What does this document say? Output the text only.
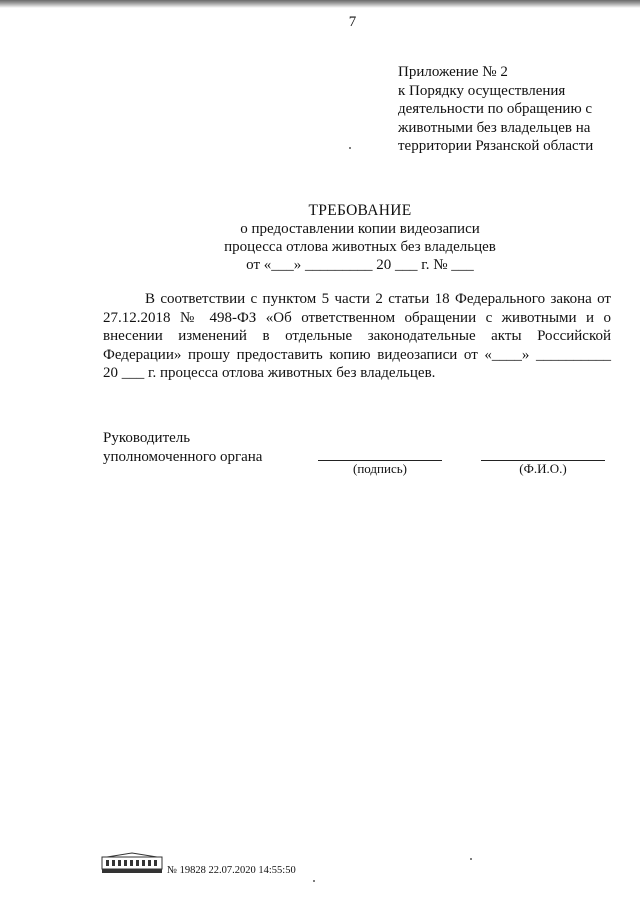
7
Приложение № 2
к Порядку осуществления
деятельности по обращению с
животными без владельцев на
территории Рязанской области
ТРЕБОВАНИЕ
о предоставлении копии видеозаписи
процесса отлова животных без владельцев
от «___» _________ 20 ___ г. № ___
В соответствии с пунктом 5 части 2 статьи 18 Федерального закона от
27.12.2018 № 498-ФЗ «Об ответственном обращении с животными и о
внесении изменений в отдельные законодательные акты Российской
Федерации» прошу предоставить копию видеозаписи от «____» __________
20 ___ г. процесса отлова животных без владельцев.
Руководитель
уполномоченного органа
(подпись)	(Ф.И.О.)
№ 19828 22.07.2020 14:55:50
